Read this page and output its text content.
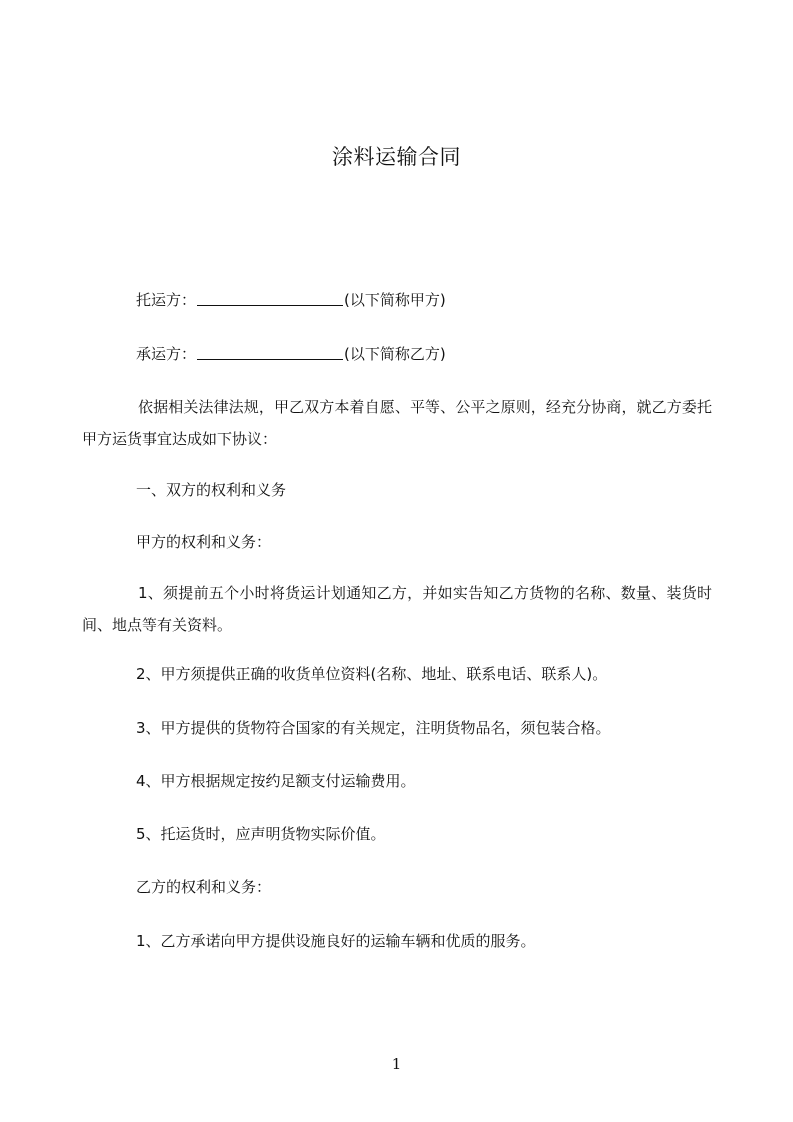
涂料运输合同
托运方：	(以下简称甲方)
承运方：	(以下简称乙方)
依据相关法律法规，甲乙双方本着自愿、平等、公平之原则，经充分协商，就乙方委托甲方运货事宜达成如下协议：
一、双方的权利和义务
甲方的权利和义务：
1、须提前五个小时将货运计划通知乙方，并如实告知乙方货物的名称、数量、装货时间、地点等有关资料。
2、甲方须提供正确的收货单位资料(名称、地址、联系电话、联系人)。
3、甲方提供的货物符合国家的有关规定，注明货物品名，须包装合格。
4、甲方根据规定按约足额支付运输费用。
5、托运货时，应声明货物实际价值。
乙方的权利和义务：
1、乙方承诺向甲方提供设施良好的运输车辆和优质的服务。
1
